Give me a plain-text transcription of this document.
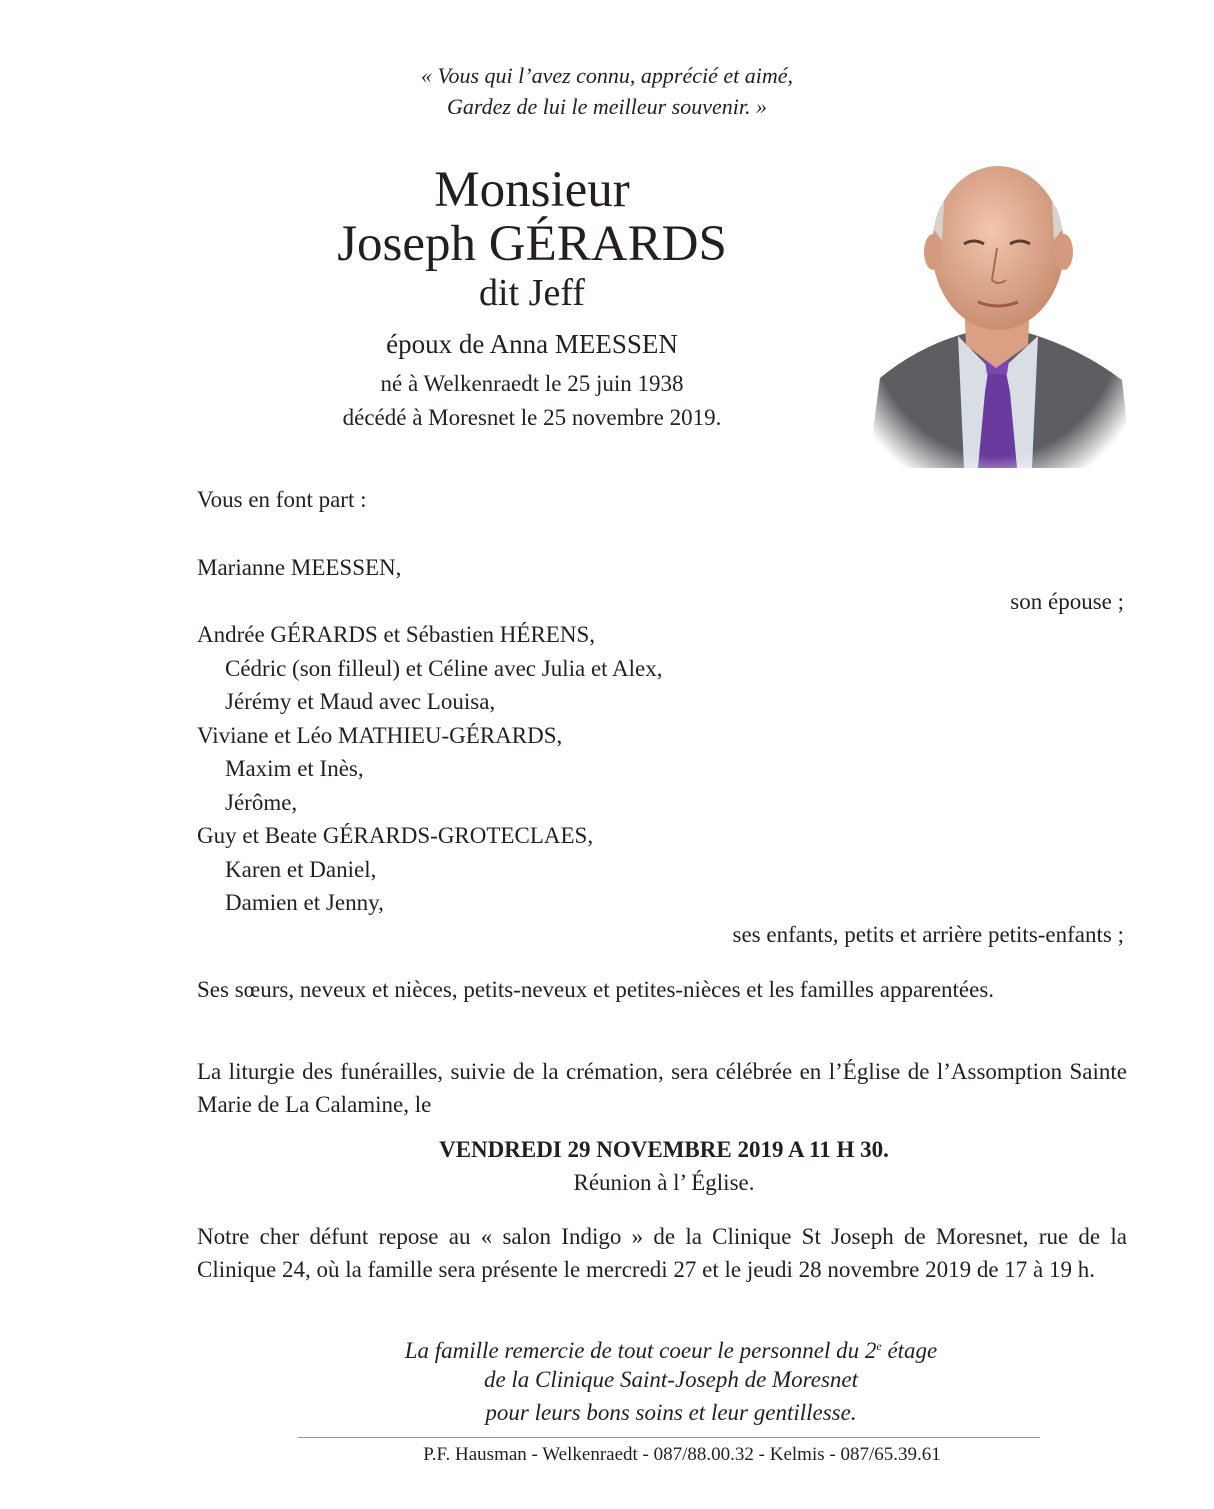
« Vous qui l’avez connu, apprécié et aimé,
Gardez de lui le meilleur souvenir. »
Monsieur
Joseph GÉRARDS
dit Jeff
époux de Anna MEESSEN
né à Welkenraedt le 25 juin 1938
décédé à Moresnet le 25 novembre 2019.
Vous en font part :
Marianne MEESSEN,
son épouse ;
Andrée GÉRARDS et Sébastien HÉRENS,
Cédric (son filleul) et Céline avec Julia et Alex,
Jérémy et Maud avec Louisa,
Viviane et Léo MATHIEU-GÉRARDS,
Maxim et Inès,
Jérôme,
Guy et Beate GÉRARDS-GROTECLAES,
Karen et Daniel,
Damien et Jenny,
ses enfants, petits et arrière petits-enfants ;
Ses sœurs, neveux et nièces, petits-neveux et petites-nièces et les familles apparentées.
La liturgie des funérailles, suivie de la crémation, sera célébrée en l’Église de l’Assomption Sainte Marie de La Calamine, le
VENDREDI 29 NOVEMBRE 2019 A 11 H 30.
Réunion à l’ Église.
Notre cher défunt repose au « salon Indigo » de la Clinique St Joseph de Moresnet, rue de la Clinique 24, où la famille sera présente le mercredi 27 et le jeudi 28 novembre 2019 de 17 à 19 h.
La famille remercie de tout coeur le personnel du 2e étage
de la Clinique Saint-Joseph de Moresnet
pour leurs bons soins et leur gentillesse.
P.F. Hausman - Welkenraedt - 087/88.00.32 - Kelmis - 087/65.39.61
